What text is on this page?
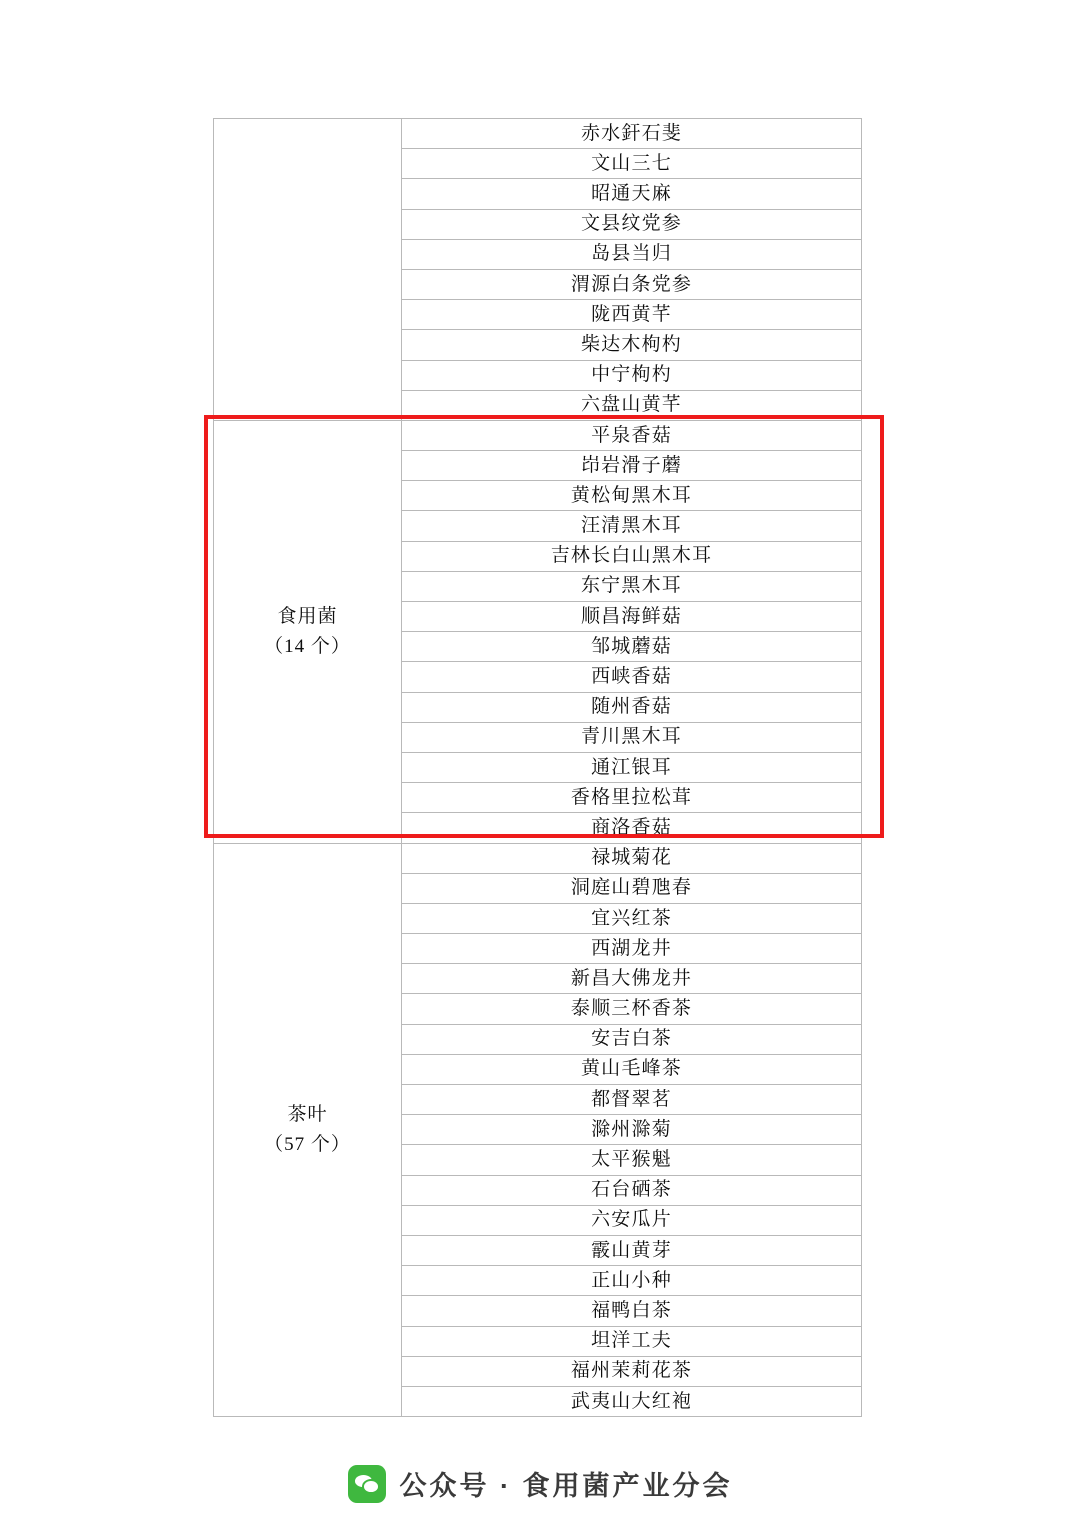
	赤水釬石斐
	文山三七
	昭通天麻
	文县纹党参
	岛县当归
	渭源白条党参
	陇西黄芊
	柴达木枸杓
	中宁枸杓
	六盘山黄芊

食用菌
（14 个）	平泉香菇
	岇岩滑子蘑
	黄松甸黑木耳
	汪清黑木耳
	吉林长白山黑木耳
	东宁黑木耳
	顺昌海鲜菇
	邹城蘑菇
	西峡香菇
	随州香菇
	青川黑木耳
	通江银耳
	香格里拉松茸
	商洛香菇

茶叶
（57 个）	禄城菊花
	洞庭山碧虺春
	宜兴红茶
	西湖龙井
	新昌大佛龙井
	泰顺三杯香茶
	安吉白茶
	黄山毛峰茶
	都督翠茗
	滁州滁菊
	太平猴魁
	石台硒茶
	六安瓜片
	霰山黄芽
	正山小种
	福鸭白茶
	坦洋工夫
	福州茉莉花茶
	武夷山大红袍
公众号 · 食用菌产业分会
